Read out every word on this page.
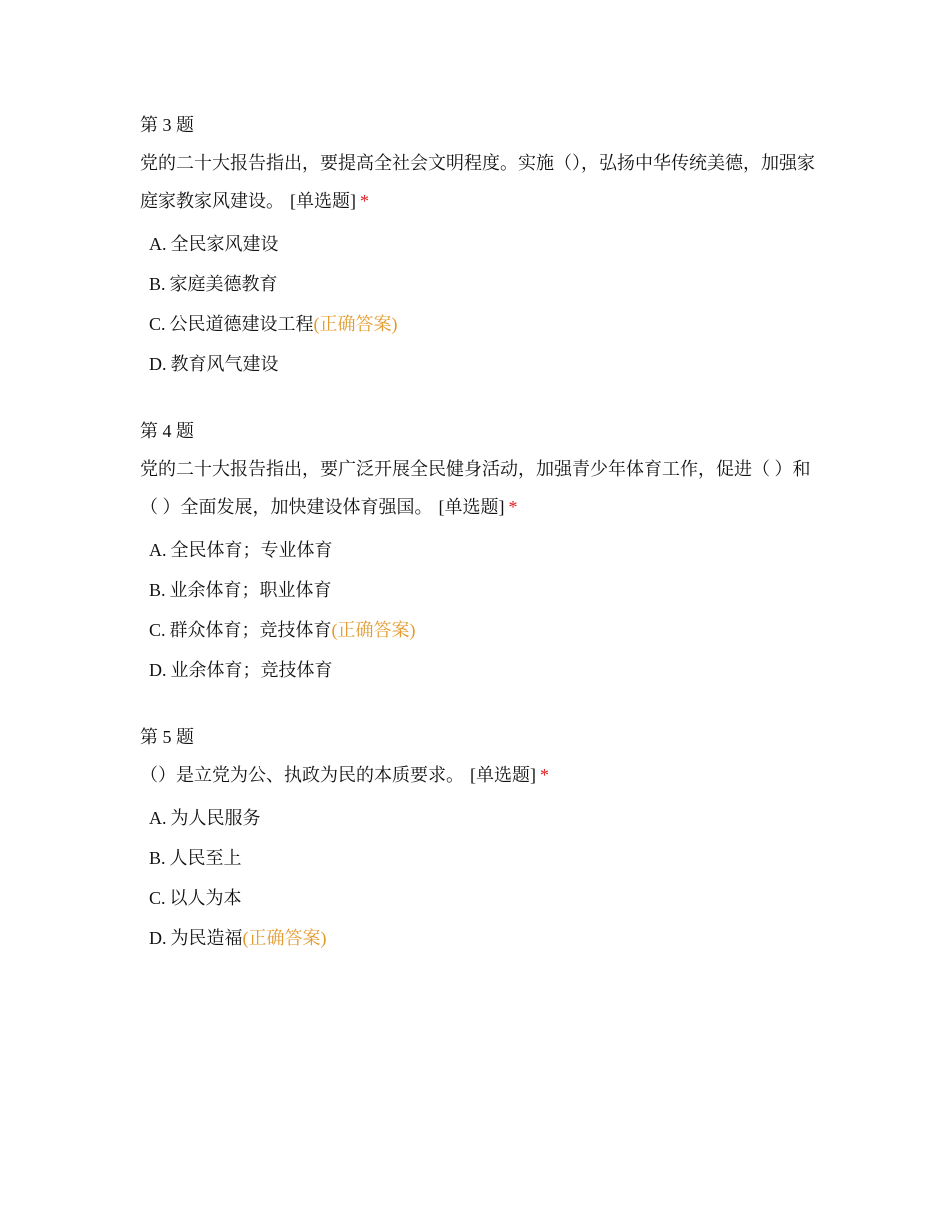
第 3 题
党的二十大报告指出，要提高全社会文明程度。实施（），弘扬中华传统美德，加强家庭家教家风建设。 [单选题] *
A. 全民家风建设
B. 家庭美德教育
C. 公民道德建设工程(正确答案)
D. 教育风气建设
第 4 题
党的二十大报告指出，要广泛开展全民健身活动，加强青少年体育工作，促进（ ）和（ ）全面发展，加快建设体育强国。 [单选题] *
A. 全民体育；专业体育
B. 业余体育；职业体育
C. 群众体育；竞技体育(正确答案)
D. 业余体育；竞技体育
第 5 题
（）是立党为公、执政为民的本质要求。 [单选题] *
A. 为人民服务
B. 人民至上
C. 以人为本
D. 为民造福(正确答案)
